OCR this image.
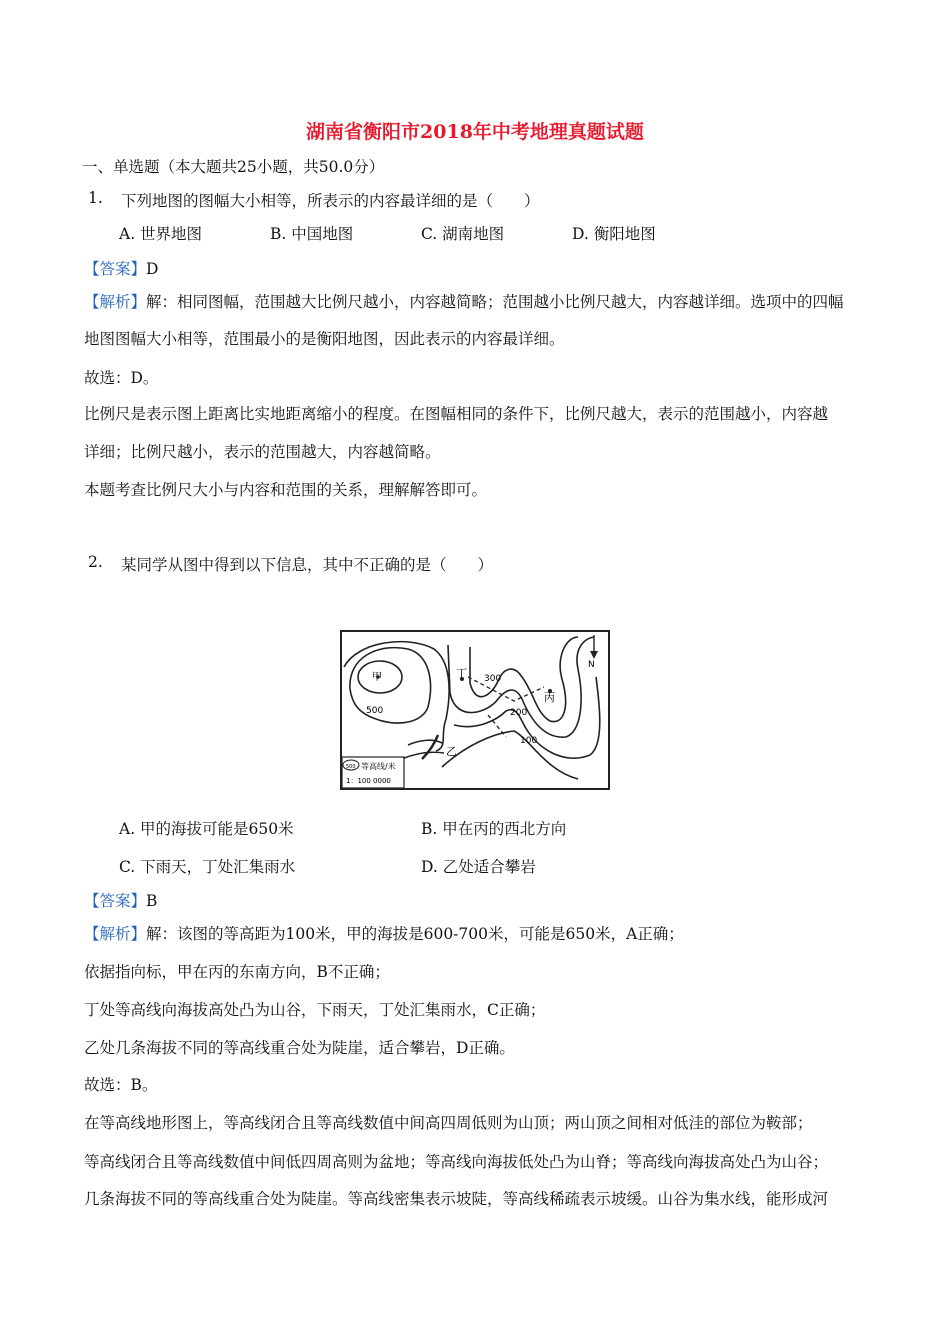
湖南省衡阳市2018年中考地理真题试题
一、单选题（本大题共25小题，共50.0分）
1. 下列地图的图幅大小相等，所表示的内容最详细的是（　　）
A. 世界地图	B. 中国地图	C. 湖南地图	D. 衡阳地图
【答案】D
【解析】解：相同图幅，范围越大比例尺越小，内容越简略；范围越小比例尺越大，内容越详细。选项中的四幅
地图图幅大小相等，范围最小的是衡阳地图，因此表示的内容最详细。
故选：D。
比例尺是表示图上距离比实地距离缩小的程度。在图幅相同的条件下，比例尺越大，表示的范围越小，内容越
详细；比例尺越小，表示的范围越大，内容越简略。
本题考查比例尺大小与内容和范围的关系，理解解答即可。
2. 某同学从图中得到以下信息，其中不正确的是（　　）
N
甲
乙
丙
丁
500
300
200
100
500 等高线/米
1：100 0000
A. 甲的海拔可能是650米	B. 甲在丙的西北方向
C. 下雨天，丁处汇集雨水	D. 乙处适合攀岩
【答案】B
【解析】解：该图的等高距为100米，甲的海拔是600-700米，可能是650米，A正确；
依据指向标，甲在丙的东南方向，B不正确；
丁处等高线向海拔高处凸为山谷，下雨天，丁处汇集雨水，C正确；
乙处几条海拔不同的等高线重合处为陡崖，适合攀岩，D正确。
故选：B。
在等高线地形图上，等高线闭合且等高线数值中间高四周低则为山顶；两山顶之间相对低洼的部位为鞍部；
等高线闭合且等高线数值中间低四周高则为盆地；等高线向海拔低处凸为山脊；等高线向海拔高处凸为山谷；
几条海拔不同的等高线重合处为陡崖。等高线密集表示坡陡，等高线稀疏表示坡缓。山谷为集水线，能形成河
